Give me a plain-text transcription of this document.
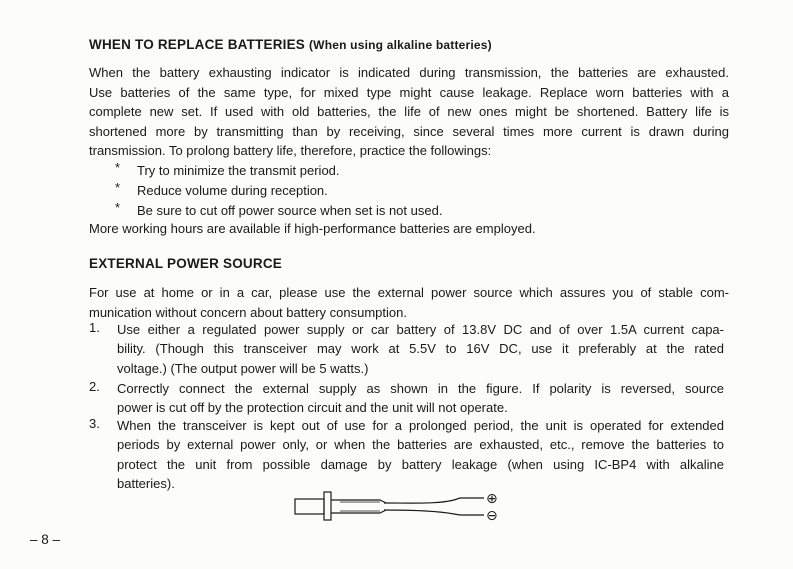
WHEN TO REPLACE BATTERIES (When using alkaline batteries)
When the battery exhausting indicator is indicated during transmission, the batteries are exhausted.
Use batteries of the same type, for mixed type might cause leakage. Replace worn batteries with a
complete new set. If used with old batteries, the life of new ones might be shortened. Battery life is
shortened more by transmitting than by receiving, since several times more current is drawn during
transmission. To prolong battery life, therefore, practice the followings:
* Try to minimize the transmit period.
* Reduce volume during reception.
* Be sure to cut off power source when set is not used.
More working hours are available if high-performance batteries are employed.
EXTERNAL POWER SOURCE
For use at home or in a car, please use the external power source which assures you of stable com-
munication without concern about battery consumption.
1. Use either a regulated power supply or car battery of 13.8V DC and of over 1.5A current capa-
bility. (Though this transceiver may work at 5.5V to 16V DC, use it preferably at the rated
voltage.) (The output power will be 5 watts.)
2. Correctly connect the external supply as shown in the figure. If polarity is reversed, source
power is cut off by the protection circuit and the unit will not operate.
3. When the transceiver is kept out of use for a prolonged period, the unit is operated for extended
periods by external power only, or when the batteries are exhausted, etc., remove the batteries to
protect the unit from possible damage by battery leakage (when using IC-BP4 with alkaline
batteries).
⊕
⊖
– 8 –
